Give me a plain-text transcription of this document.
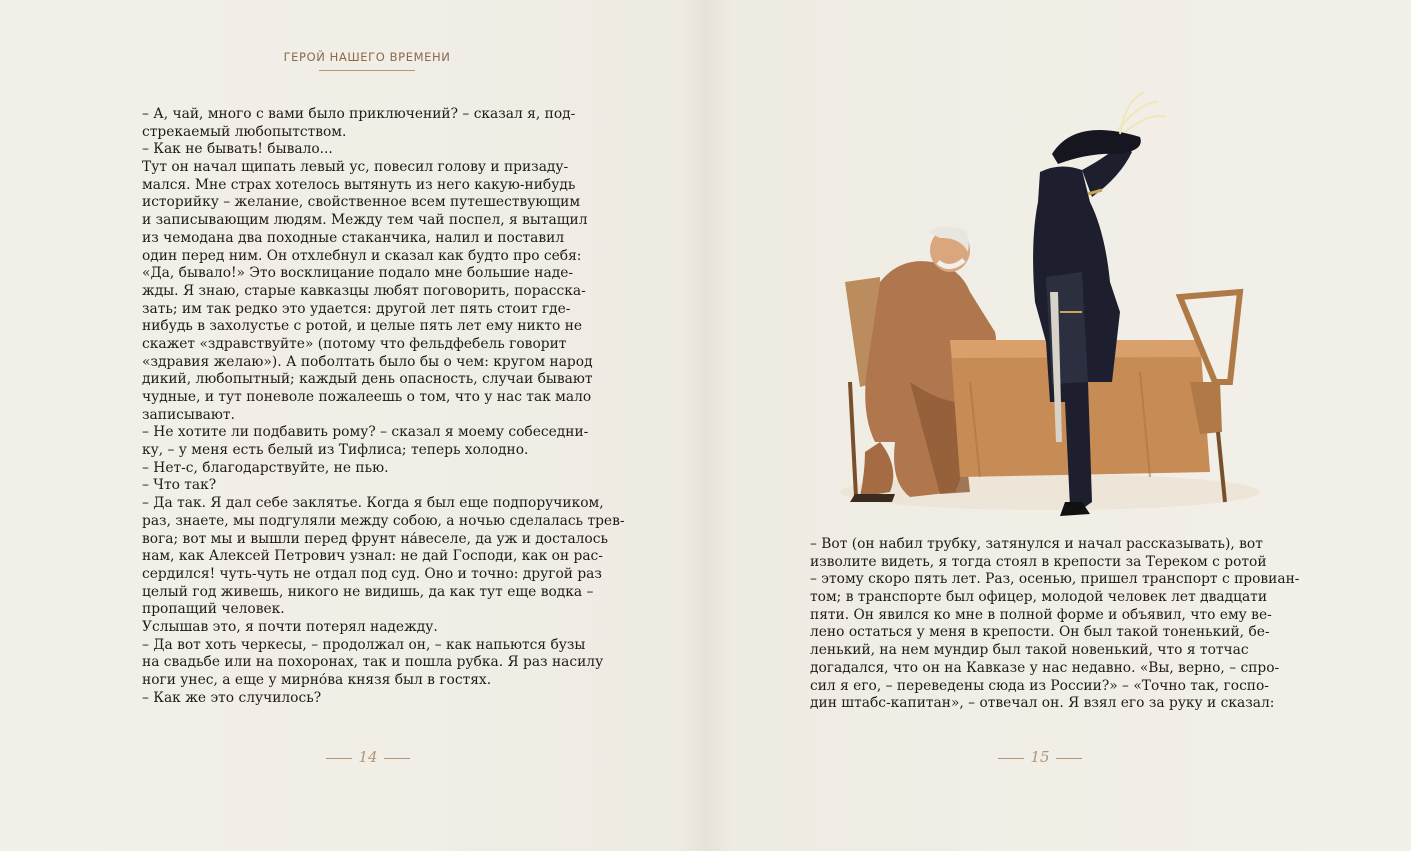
ГЕРОЙ НАШЕГО ВРЕМЕНИ
– А, чай, много с вами было приключений? – сказал я, под-
стрекаемый любопытством.
– Как не бывать! бывало...
Тут он начал щипать левый ус, повесил голову и призаду-
мался. Мне страх хотелось вытянуть из него какую-нибудь
историйку – желание, свойственное всем путешествующим
и записывающим людям. Между тем чай поспел, я вытащил
из чемодана два походные стаканчика, налил и поставил
один перед ним. Он отхлебнул и сказал как будто про себя:
«Да, бывало!» Это восклицание подало мне большие наде-
жды. Я знаю, старые кавказцы любят поговорить, порасска-
зать; им так редко это удается: другой лет пять стоит где-
нибудь в захолустье с ротой, и целые пять лет ему никто не
скажет «здравствуйте» (потому что фельдфебель говорит
«здравия желаю»). А поболтать было бы о чем: кругом народ
дикий, любопытный; каждый день опасность, случаи бывают
чудные, и тут поневоле пожалеешь о том, что у нас так мало
записывают.
– Не хотите ли подбавить рому? – сказал я моему собеседни-
ку, – у меня есть белый из Тифлиса; теперь холодно.
– Нет-с, благодарствуйте, не пью.
– Что так?
– Да так. Я дал себе заклятье. Когда я был еще подпоручиком,
раз, знаете, мы подгуляли между собою, а ночью сделалась трев-
вога; вот мы и вышли перед фрунт на́веселе, да уж и досталось
нам, как Алексей Петрович узнал: не дай Господи, как он рас-
сердился! чуть-чуть не отдал под суд. Оно и точно: другой раз
целый год живешь, никого не видишь, да как тут еще водка –
пропащий человек.
Услышав это, я почти потерял надежду.
– Да вот хоть черкесы, – продолжал он, – как напьются бузы
на свадьбе или на похоронах, так и пошла рубка. Я раз насилу
ноги унес, а еще у мирно́ва князя был в гостях.
– Как же это случилось?
14
– Вот (он набил трубку, затянулся и начал рассказывать), вот
изволите видеть, я тогда стоял в крепости за Тереком с ротой
– этому скоро пять лет. Раз, осенью, пришел транспорт с провиан-
том; в транспорте был офицер, молодой человек лет двадцати
пяти. Он явился ко мне в полной форме и объявил, что ему ве-
лено остаться у меня в крепости. Он был такой тоненький, бе-
ленький, на нем мундир был такой новенький, что я тотчас
догадался, что он на Кавказе у нас недавно. «Вы, верно, – спро-
сил я его, – переведены сюда из России?» – «Точно так, госпо-
дин штабс-капитан», – отвечал он. Я взял его за руку и сказал:
15
